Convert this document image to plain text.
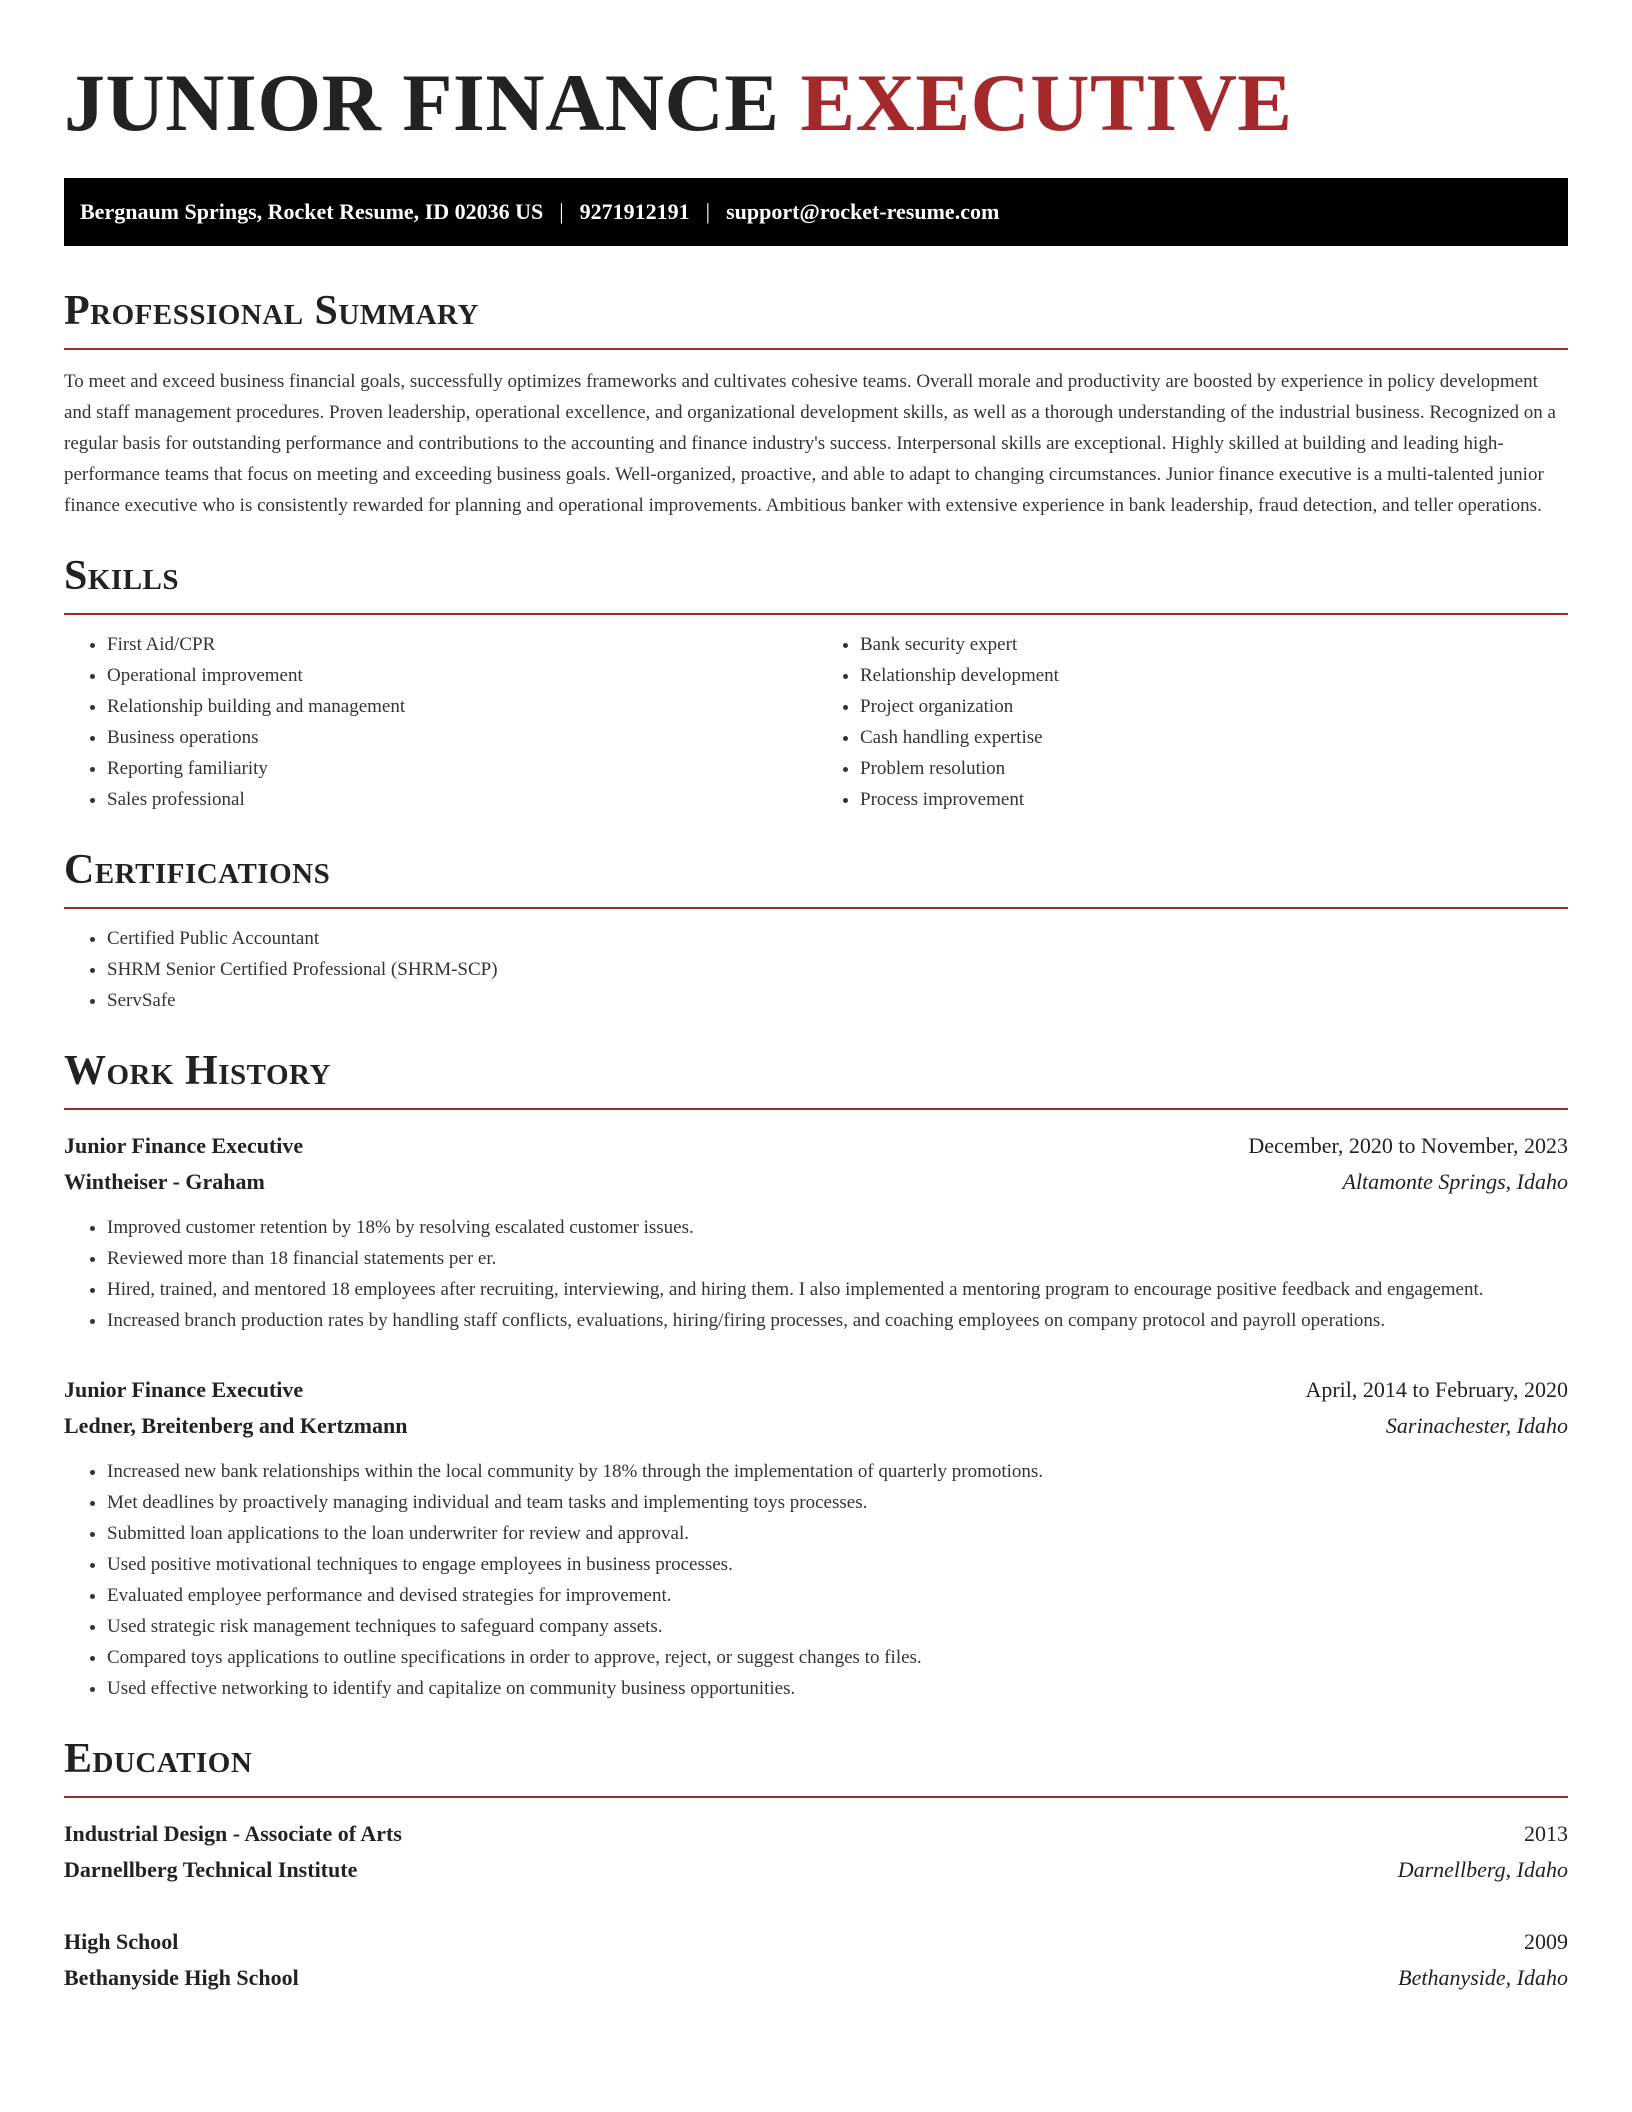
JUNIOR FINANCE EXECUTIVE
Bergnaum Springs, Rocket Resume, ID 02036 US | 9271912191 | support@rocket-resume.com
Professional Summary

To meet and exceed business financial goals, successfully optimizes frameworks and cultivates cohesive teams. Overall morale and productivity are boosted by experience in policy development and staff management procedures. Proven leadership, operational excellence, and organizational development skills, as well as a thorough understanding of the industrial business. Recognized on a regular basis for outstanding performance and contributions to the accounting and finance industry's success. Interpersonal skills are exceptional. Highly skilled at building and leading high-performance teams that focus on meeting and exceeding business goals. Well-organized, proactive, and able to adapt to changing circumstances. Junior finance executive is a multi-talented junior finance executive who is consistently rewarded for planning and operational improvements. Ambitious banker with extensive experience in bank leadership, fraud detection, and teller operations.

Skills
• First Aid/CPR
• Operational improvement
• Relationship building and management
• Business operations
• Reporting familiarity
• Sales professional
• Bank security expert
• Relationship development
• Project organization
• Cash handling expertise
• Problem resolution
• Process improvement
Certifications
• Certified Public Accountant
• SHRM Senior Certified Professional (SHRM-SCP)
• ServSafe
Work History
Junior Finance Executive	December, 2020 to November, 2023
Wintheiser - Graham	Altamonte Springs, Idaho
• Improved customer retention by 18% by resolving escalated customer issues.
• Reviewed more than 18 financial statements per er.
• Hired, trained, and mentored 18 employees after recruiting, interviewing, and hiring them. I also implemented a mentoring program to encourage positive feedback and engagement.
• Increased branch production rates by handling staff conflicts, evaluations, hiring/firing processes, and coaching employees on company protocol and payroll operations.
Junior Finance Executive	April, 2014 to February, 2020
Ledner, Breitenberg and Kertzmann	Sarinachester, Idaho
• Increased new bank relationships within the local community by 18% through the implementation of quarterly promotions.
• Met deadlines by proactively managing individual and team tasks and implementing toys processes.
• Submitted loan applications to the loan underwriter for review and approval.
• Used positive motivational techniques to engage employees in business processes.
• Evaluated employee performance and devised strategies for improvement.
• Used strategic risk management techniques to safeguard company assets.
• Compared toys applications to outline specifications in order to approve, reject, or suggest changes to files.
• Used effective networking to identify and capitalize on community business opportunities.
Education
Industrial Design - Associate of Arts	2013
Darnellberg Technical Institute	Darnellberg, Idaho
High School	2009
Bethanyside High School	Bethanyside, Idaho
